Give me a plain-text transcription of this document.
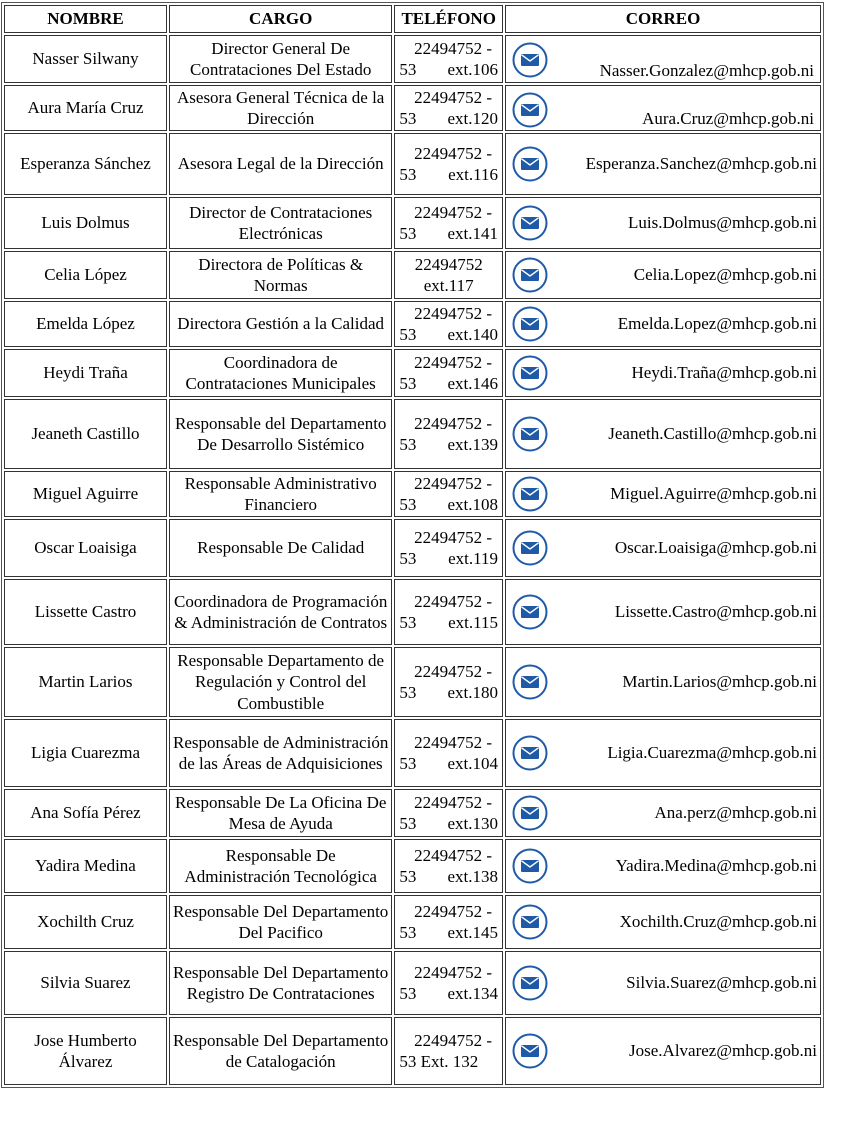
NOMBRE	CARGO	TELÉFONO	CORREO
Nasser Silwany	Director General De Contrataciones Del Estado	22494752 -
53 ext.106	Nasser.Gonzalez@mhcp.gob.ni

Aura María Cruz	Asesora General Técnica de la Dirección	22494752 -
53 ext.120	Aura.Cruz@mhcp.gob.ni

Esperanza Sánchez	Asesora Legal de la Dirección	22494752 -
53 ext.116	Esperanza.Sanchez@mhcp.gob.ni

Luis Dolmus	Director de Contrataciones Electrónicas	22494752 -
53 ext.141	Luis.Dolmus@mhcp.gob.ni

Celia López	Directora de Políticas & Normas	22494752
ext.117	Celia.Lopez@mhcp.gob.ni

Emelda López	Directora Gestión a la Calidad	22494752 -
53 ext.140	Emelda.Lopez@mhcp.gob.ni

Heydi Traña	Coordinadora de Contrataciones Municipales	22494752 -
53 ext.146	Heydi.Traña@mhcp.gob.ni

Jeaneth Castillo	Responsable del Departamento De Desarrollo Sistémico	22494752 -
53 ext.139	Jeaneth.Castillo@mhcp.gob.ni

Miguel Aguirre	Responsable Administrativo Financiero	22494752 -
53 ext.108	Miguel.Aguirre@mhcp.gob.ni

Oscar Loaisiga	Responsable De Calidad	22494752 -
53 ext.119	Oscar.Loaisiga@mhcp.gob.ni

Lissette Castro	Coordinadora de Programación & Administración de Contratos	22494752 -
53 ext.115	Lissette.Castro@mhcp.gob.ni

Martin Larios	Responsable Departamento de Regulación y Control del Combustible	22494752 -
53 ext.180	Martin.Larios@mhcp.gob.ni

Ligia Cuarezma	Responsable de Administración de las Áreas de Adquisiciones	22494752 -
53 ext.104	Ligia.Cuarezma@mhcp.gob.ni

Ana Sofía Pérez	Responsable De La Oficina De Mesa de Ayuda	22494752 -
53 ext.130	Ana.perz@mhcp.gob.ni

Yadira Medina	Responsable De Administración Tecnológica	22494752 -
53 ext.138	Yadira.Medina@mhcp.gob.ni

Xochilth Cruz	Responsable Del Departamento Del Pacifico	22494752 -
53 ext.145	Xochilth.Cruz@mhcp.gob.ni

Silvia Suarez	Responsable Del Departamento Registro De Contrataciones	22494752 -
53 ext.134	Silvia.Suarez@mhcp.gob.ni

Jose Humberto Álvarez	Responsable Del Departamento de Catalogación	22494752 -
53 Ext. 132	Jose.Alvarez@mhcp.gob.ni
